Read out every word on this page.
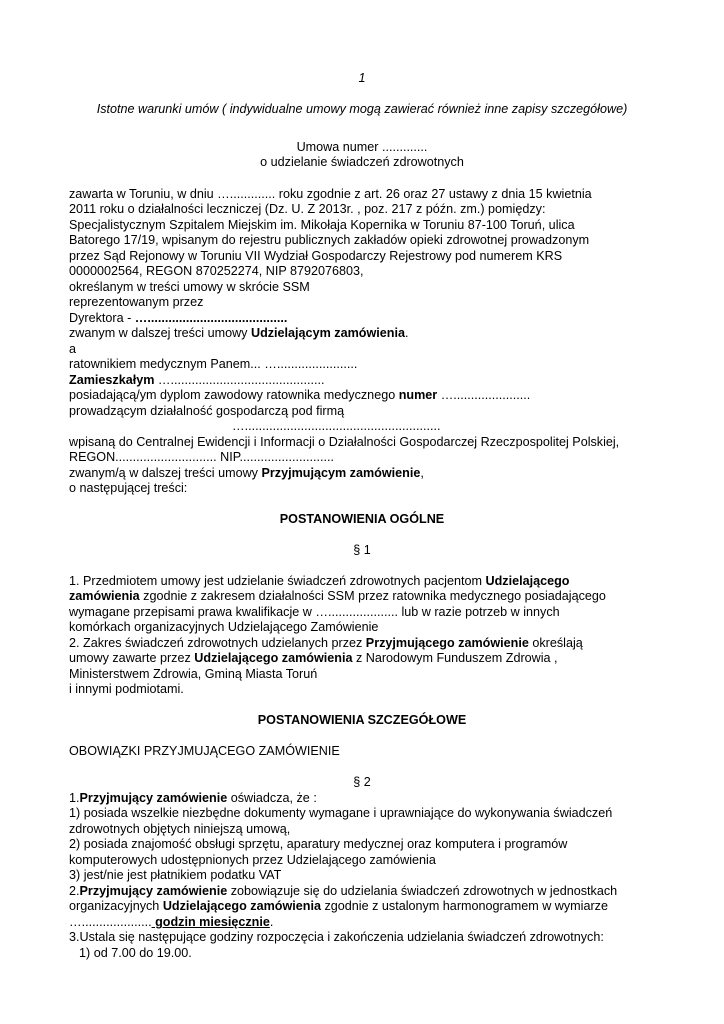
1
Istotne warunki umów ( indywidualne umowy mogą zawierać również inne zapisy szczegółowe)
Umowa numer .............
o udzielanie świadczeń zdrowotnych
zawarta w Toruniu, w dniu …............. roku zgodnie z art. 26 oraz 27 ustawy z dnia 15 kwietnia
2011 roku o działalności leczniczej (Dz. U. Z 2013r. , poz. 217 z późn. zm.) pomiędzy:
Specjalistycznym Szpitalem Miejskim im. Mikołaja Kopernika w Toruniu 87-100 Toruń, ulica
Batorego 17/19, wpisanym do rejestru publicznych zakładów opieki zdrowotnej prowadzonym
przez Sąd Rejonowy w Toruniu VII Wydział Gospodarczy Rejestrowy pod numerem KRS
0000002564, REGON 870252274, NIP 8792076803,
określanym w treści umowy w skrócie SSM
reprezentowanym przez
Dyrektora - …........................................
zwanym w dalszej treści umowy Udzielającym zamówienia.
a
ratownikiem medycznym Panem... ….......................
Zamieszkałym …............................................
posiadającą/ym dyplom zawodowy ratownika medycznego numer …......................
prowadzącym działalność gospodarczą pod firmą
…........................................................
wpisaną do Centralnej Ewidencji i Informacji o Działalności Gospodarczej Rzeczpospolitej Polskiej,
REGON............................. NIP...........................
zwanym/ą w dalszej treści umowy Przyjmującym zamówienie,
o następującej treści:
POSTANOWIENIA OGÓLNE
§ 1
1. Przedmiotem umowy jest udzielanie świadczeń zdrowotnych pacjentom Udzielającego
zamówienia zgodnie z zakresem działalności SSM przez ratownika medycznego posiadającego
wymagane przepisami prawa kwalifikacje w ….................... lub w razie potrzeb w innych
komórkach organizacyjnych Udzielającego Zamówienie
2. Zakres świadczeń zdrowotnych udzielanych przez Przyjmującego zamówienie określają
umowy zawarte przez Udzielającego zamówienia z Narodowym Funduszem Zdrowia ,
Ministerstwem Zdrowia, Gminą Miasta Toruń
i innymi podmiotami.
POSTANOWIENIA SZCZEGÓŁOWE
OBOWIĄZKI PRZYJMUJĄCEGO ZAMÓWIENIE
§ 2
1.Przyjmujący zamówienie oświadcza, że :
1) posiada wszelkie niezbędne dokumenty wymagane i uprawniające do wykonywania świadczeń
zdrowotnych objętych niniejszą umową,
2) posiada znajomość obsługi sprzętu, aparatury medycznej oraz komputera i programów
komputerowych udostępnionych przez Udzielającego zamówienia
3) jest/nie jest płatnikiem podatku VAT
2.Przyjmujący zamówienie zobowiązuje się do udzielania świadczeń zdrowotnych w jednostkach
organizacyjnych Udzielającego zamówienia zgodnie z ustalonym harmonogramem w wymiarze
….................... godzin miesięcznie.
3.Ustala się następujące godziny rozpoczęcia i zakończenia udzielania świadczeń zdrowotnych:
1) od 7.00 do 19.00.
